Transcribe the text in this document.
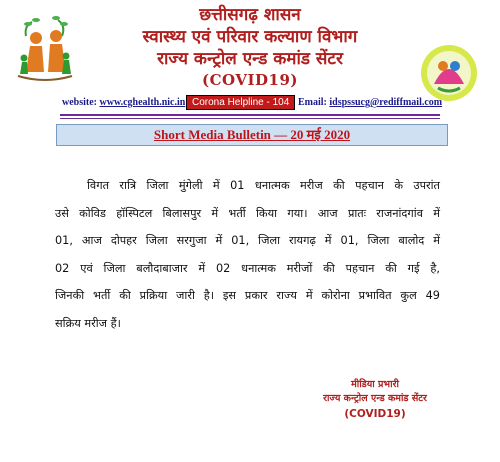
छत्तीसगढ़ शासन
स्वास्थ्य एवं परिवार कल्याण विभाग
राज्य कन्ट्रोल एन्ड कमांड सेंटर
(COVID19)
website: www.cghealth.nic.in Corona Helpline - 104 Email: idspssucg@rediffmail.com
Short Media Bulletin — 20 मई 2020
विगत रात्रि जिला मुंगेली में 01 धनात्मक मरीज की पहचान के उपरांत
उसे कोविड हॉस्पिटल बिलासपुर में भर्ती किया गया। आज प्रातः राजनांदगांव में
01, आज दोपहर जिला सरगुजा में 01, जिला रायगढ़ में 01, जिला बालोद में
02 एवं जिला बलौदाबाजार में 02 धनात्मक मरीजों की पहचान की गई है,
जिनकी भर्ती की प्रक्रिया जारी है। इस प्रकार राज्य में कोरोना प्रभावित कुल 49
सक्रिय मरीज हैं।
मीडिया प्रभारी
राज्य कन्ट्रोल एन्ड कमांड सेंटर
(COVID19)
